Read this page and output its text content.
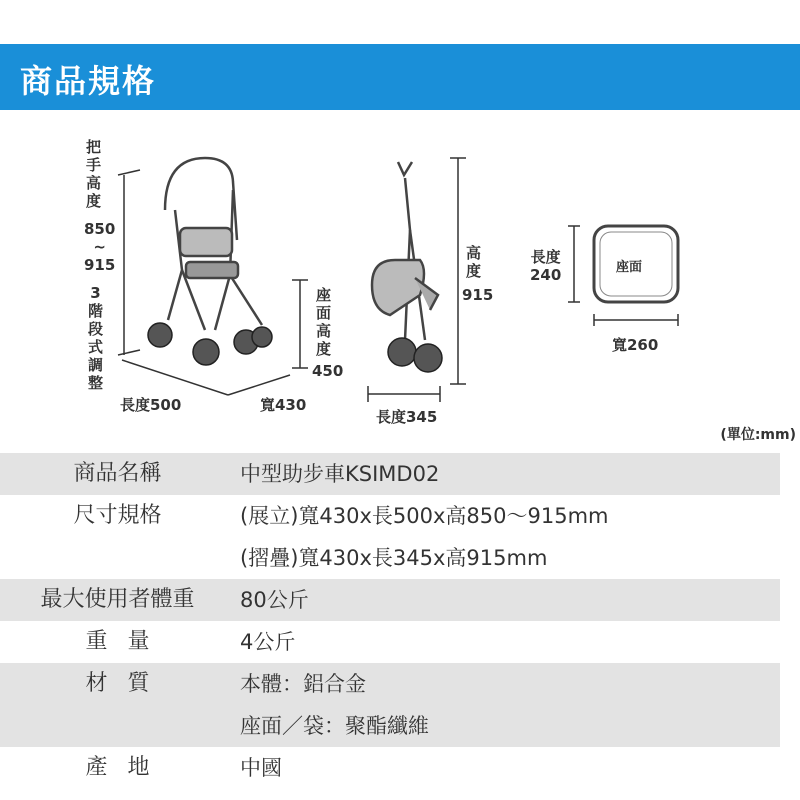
商品規格
把
手
高
度
850
~
915
3
階
段
式
調
整
座
面
高
度
450
長度500	寬430
高
度
915
長度345
長度
240	座面
寬260
(單位:mm)
商品名稱	中型助步車KSIMD02
尺寸規格	(展立)寬430x長500x高850～915mm
(摺疊)寬430x長345x高915mm
最大使用者體重	80公斤
重量	4公斤
材質	本體：鋁合金
座面／袋：聚酯纖維
產地	中國
